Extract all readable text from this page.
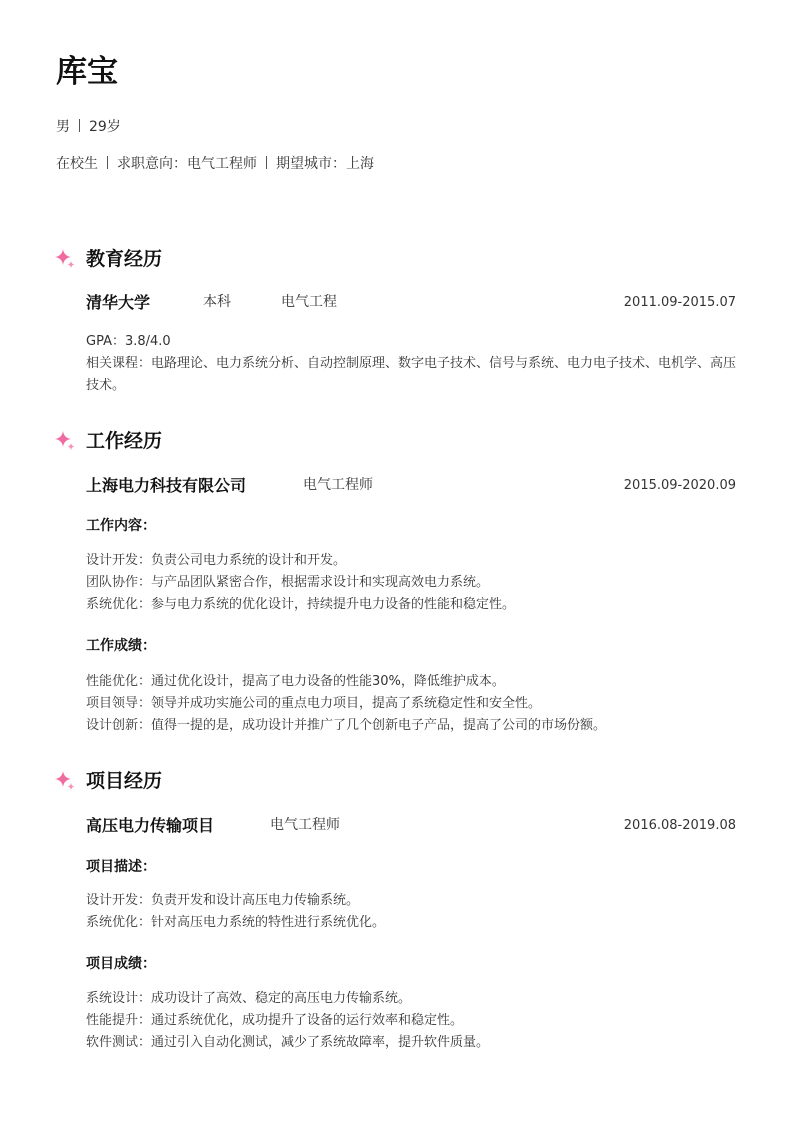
库宝
男 29岁
在校生 求职意向：电气工程师 期望城市：上海
教育经历
清华大学	本科	电气工程	2011.09-2015.07

GPA：3.8/4.0

相关课程：电路理论、电力系统分析、自动控制原理、数字电子技术、信号与系统、电力电子技术、电机学、高压技术。

工作经历
上海电力科技有限公司	电气工程师	2015.09-2020.09
工作内容：

设计开发：负责公司电力系统的设计和开发。

团队协作：与产品团队紧密合作，根据需求设计和实现高效电力系统。

系统优化：参与电力系统的优化设计，持续提升电力设备的性能和稳定性。

工作成绩：

性能优化：通过优化设计，提高了电力设备的性能30%，降低维护成本。

项目领导：领导并成功实施公司的重点电力项目，提高了系统稳定性和安全性。

设计创新：值得一提的是，成功设计并推广了几个创新电子产品，提高了公司的市场份额。

项目经历
高压电力传输项目	电气工程师	2016.08-2019.08
项目描述：

设计开发：负责开发和设计高压电力传输系统。

系统优化：针对高压电力系统的特性进行系统优化。

项目成绩：

系统设计：成功设计了高效、稳定的高压电力传输系统。

性能提升：通过系统优化，成功提升了设备的运行效率和稳定性。

软件测试：通过引入自动化测试，减少了系统故障率，提升软件质量。
